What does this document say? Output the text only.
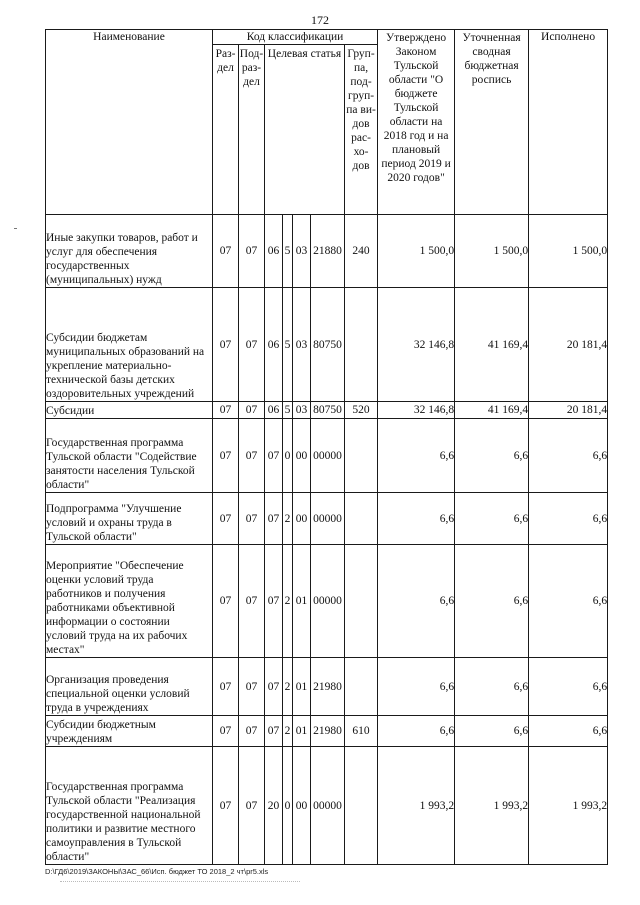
172
Наименование	Код классификации							Утверждено Законом Тульской области "О бюджете Тульской области на 2018 год и на плановый период 2019 и 2020 годов"	Уточненная сводная бюджетная роспись	Исполнено
	Раз-дел	Под-раз-дел	Целевая статья				Груп-па, под-груп-па ви-дов рас-хо-дов			
Иные закупки товаров, работ и услуг для обеспечения государственных (муниципальных) нужд	07	07	06	5	03	21880	240	1 500,0	1 500,0	1 500,0
Субсидии бюджетам муниципальных образований на укрепление материально-технической базы детских оздоровительных учреждений	07	07	06	5	03	80750		32 146,8	41 169,4	20 181,4
Субсидии	07	07	06	5	03	80750	520	32 146,8	41 169,4	20 181,4
Государственная программа Тульской области "Содействие занятости населения Тульской области"	07	07	07	0	00	00000		6,6	6,6	6,6
Подпрограмма "Улучшение условий и охраны труда в Тульской области"	07	07	07	2	00	00000		6,6	6,6	6,6
Мероприятие "Обеспечение оценки условий труда работников и получения работниками объективной информации о состоянии условий труда на их рабочих местах"	07	07	07	2	01	00000		6,6	6,6	6,6
Организация проведения специальной оценки условий труда в учреждениях	07	07	07	2	01	21980		6,6	6,6	6,6
Субсидии бюджетным учреждениям	07	07	07	2	01	21980	610	6,6	6,6	6,6
Государственная программа Тульской области "Реализация государственной национальной политики и развитие местного самоуправления в Тульской области"	07	07	20	0	00	00000		1 993,2	1 993,2	1 993,2
D:\ГД6\2019\ЗАКОНЫ\ЗАС_66\Исп. бюджет ТО 2018_2 чт\pr5.xls
